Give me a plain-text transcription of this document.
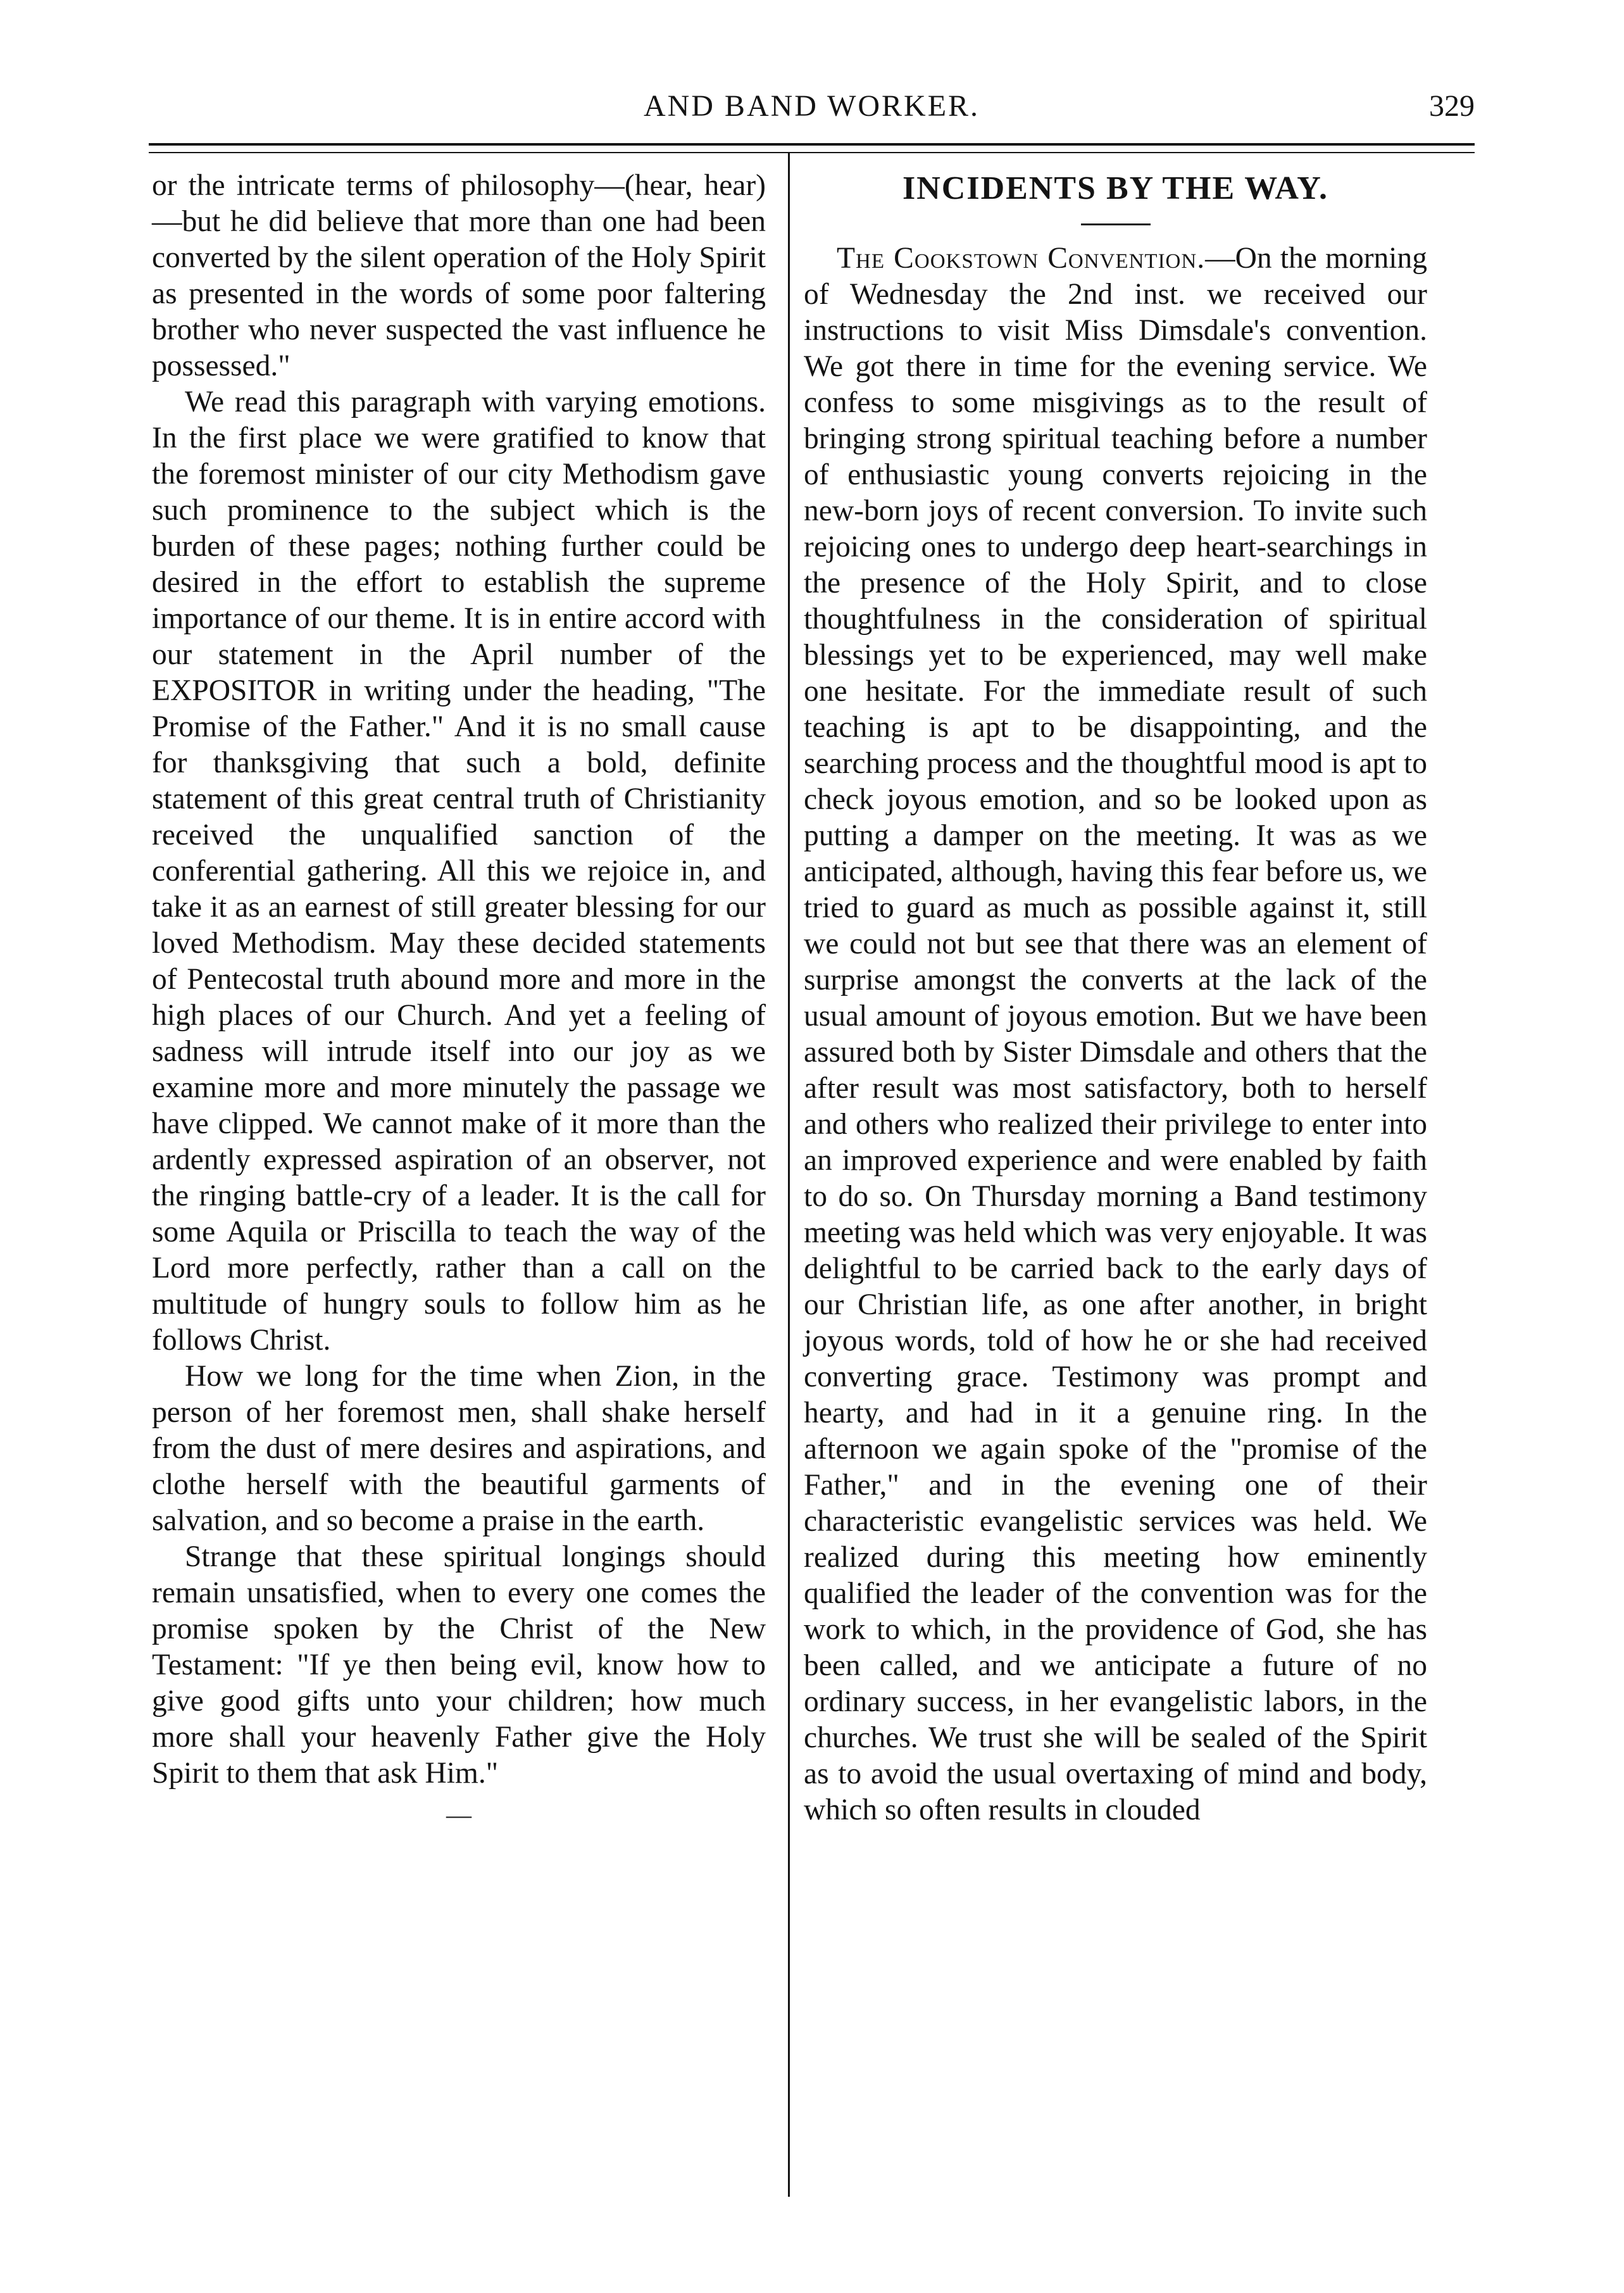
AND BAND WORKER.	329

or the intricate terms of philosophy—(hear, hear)—but he did believe that more than one had been converted by the silent operation of the Holy Spirit as presented in the words of some poor faltering brother who never suspected the vast influence he possessed."

We read this paragraph with varying emotions. In the first place we were gratified to know that the foremost minister of our city Methodism gave such prominence to the subject which is the burden of these pages; nothing further could be desired in the effort to establish the supreme importance of our theme. It is in entire accord with our statement in the April number of the EXPOSITOR in writing under the heading, "The Promise of the Father." And it is no small cause for thanksgiving that such a bold, definite statement of this great central truth of Christianity received the unqualified sanction of the conferential gathering. All this we rejoice in, and take it as an earnest of still greater blessing for our loved Methodism. May these decided statements of Pentecostal truth abound more and more in the high places of our Church. And yet a feeling of sadness will intrude itself into our joy as we examine more and more minutely the passage we have clipped. We cannot make of it more than the ardently expressed aspiration of an observer, not the ringing battle-cry of a leader. It is the call for some Aquila or Priscilla to teach the way of the Lord more perfectly, rather than a call on the multitude of hungry souls to follow him as he follows Christ.

How we long for the time when Zion, in the person of her foremost men, shall shake herself from the dust of mere desires and aspirations, and clothe herself with the beautiful garments of salvation, and so become a praise in the earth.

Strange that these spiritual longings should remain unsatisfied, when to every one comes the promise spoken by the Christ of the New Testament: "If ye then being evil, know how to give good gifts unto your children; how much more shall your heavenly Father give the Holy Spirit to them that ask Him."

—
INCIDENTS BY THE WAY.

The Cookstown Convention.—On the morning of Wednesday the 2nd inst. we received our instructions to visit Miss Dimsdale's convention. We got there in time for the evening service. We confess to some misgivings as to the result of bringing strong spiritual teaching before a number of enthusiastic young converts rejoicing in the new-born joys of recent conversion. To invite such rejoicing ones to undergo deep heart-searchings in the presence of the Holy Spirit, and to close thoughtfulness in the consideration of spiritual blessings yet to be experienced, may well make one hesitate. For the immediate result of such teaching is apt to be disappointing, and the searching process and the thoughtful mood is apt to check joyous emotion, and so be looked upon as putting a damper on the meeting. It was as we anticipated, although, having this fear before us, we tried to guard as much as possible against it, still we could not but see that there was an element of surprise amongst the converts at the lack of the usual amount of joyous emotion. But we have been assured both by Sister Dimsdale and others that the after result was most satisfactory, both to herself and others who realized their privilege to enter into an improved experience and were enabled by faith to do so. On Thursday morning a Band testimony meeting was held which was very enjoyable. It was delightful to be carried back to the early days of our Christian life, as one after another, in bright joyous words, told of how he or she had received converting grace. Testimony was prompt and hearty, and had in it a genuine ring. In the afternoon we again spoke of the "promise of the Father," and in the evening one of their characteristic evangelistic services was held. We realized during this meeting how eminently qualified the leader of the convention was for the work to which, in the providence of God, she has been called, and we anticipate a future of no ordinary success, in her evangelistic labors, in the churches. We trust she will be sealed of the Spirit as to avoid the usual overtaxing of mind and body, which so often results in clouded
